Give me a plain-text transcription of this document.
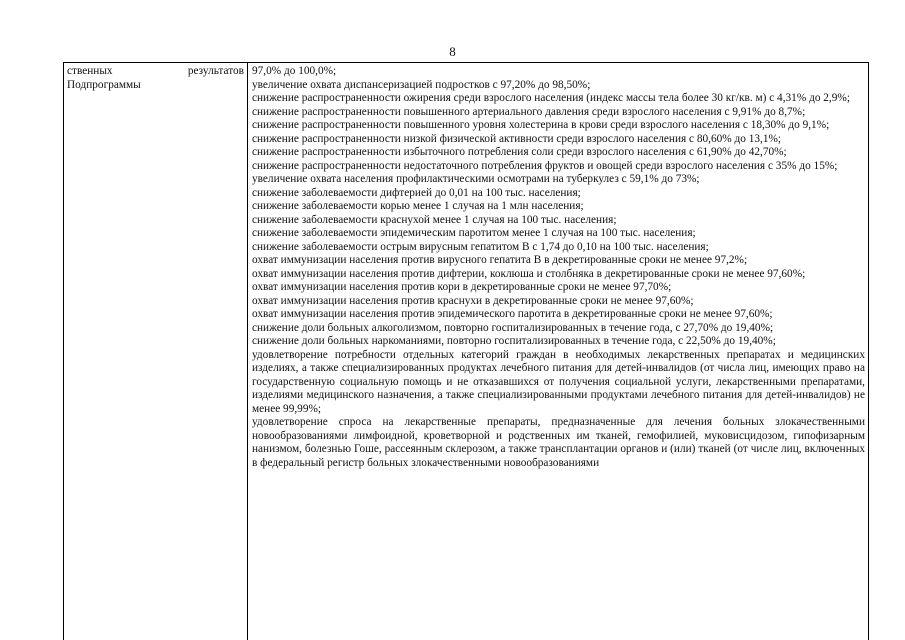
8
ственных результатов Подпрограммы

97,0% до 100,0%;

увеличение охвата диспансеризацией подростков с 97,20% до 98,50%;

снижение распространенности ожирения среди взрослого населения (индекс массы тела более 30 кг/кв. м) с 4,31% до 2,9%;

снижение распространенности повышенного артериального давления среди взрослого населения с 9,91% до 8,7%;

снижение распространенности повышенного уровня холестерина в крови среди взрослого населения с 18,30% до 9,1%;

снижение распространенности низкой физической активности среди взрослого населения с 80,60% до 13,1%;

снижение распространенности избыточного потребления соли среди взрослого населения с 61,90% до 42,70%;

снижение распространенности недостаточного потребления фруктов и овощей среди взрослого населения с 35% до 15%;

увеличение охвата населения профилактическими осмотрами на туберкулез с 59,1% до 73%;

снижение заболеваемости дифтерией до 0,01 на 100 тыс. населения;

снижение заболеваемости корью менее 1 случая на 1 млн населения;

снижение заболеваемости краснухой менее 1 случая на 100 тыс. населения;

снижение заболеваемости эпидемическим паротитом менее 1 случая на 100 тыс. населения;

снижение заболеваемости острым вирусным гепатитом В с 1,74 до 0,10 на 100 тыс. населения;

охват иммунизации населения против вирусного гепатита В в декретированные сроки не менее 97,2%;

охват иммунизации населения против дифтерии, коклюша и столбняка в декретированные сроки не менее 97,60%;

охват иммунизации населения против кори в декретированные сроки не менее 97,70%;

охват иммунизации населения против краснухи в декретированные сроки не менее 97,60%;

охват иммунизации населения против эпидемического паротита в декретированные сроки не менее 97,60%;

снижение доли больных алкоголизмом, повторно госпитализированных в течение года, с 27,70% до 19,40%;

снижение доли больных наркоманиями, повторно госпитализированных в течение года, с 22,50% до 19,40%;

удовлетворение потребности отдельных категорий граждан в необходимых лекарственных препаратах и медицинских изделиях, а также специализированных продуктах лечебного питания для детей-инвалидов (от числа лиц, имеющих право на государственную социальную помощь и не отказавшихся от получения социальной услуги, лекарственными препаратами, изделиями медицинского назначения, а также специализированными продуктами лечебного питания для детей-инвалидов) не менее 99,99%;

удовлетворение спроса на лекарственные препараты, предназначенные для лечения больных злокачественными новообразованиями лимфоидной, кроветворной и родственных им тканей, гемофилией, муковисцидозом, гипофизарным нанизмом, болезнью Гоше, рассеянным склерозом, а также трансплантации органов и (или) тканей (от числе лиц, включенных в федеральный регистр больных злокачественными новообразованиями
